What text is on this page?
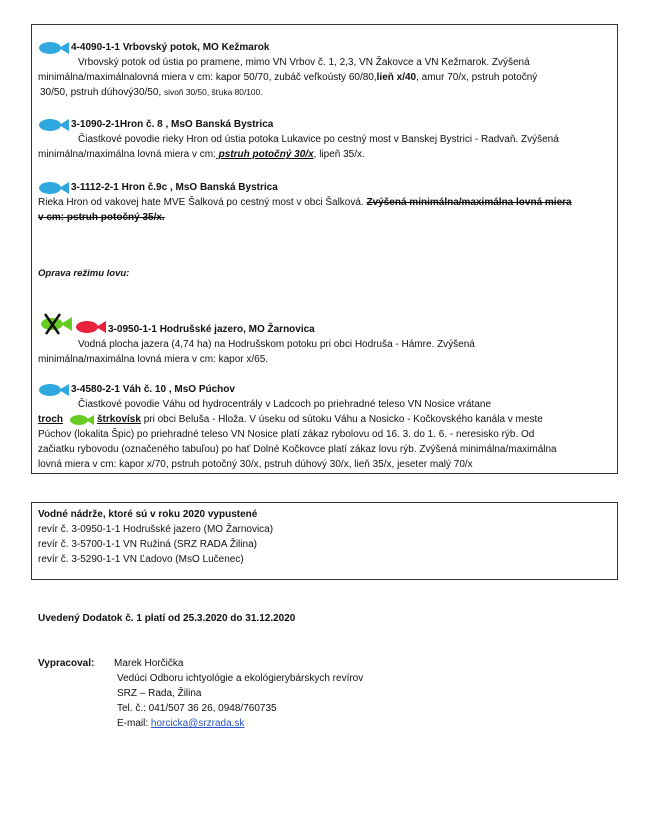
4-4090-1-1 Vrbovský potok, MO Kežmarok

Vrbovský potok od ústia po pramene, mimo VN Vrbov č. 1, 2,3, VN Žakovce a VN Kežmarok. Zvýšená

minimálna/maximálnalovná miera v cm: kapor 50/70, zubáč veľkoústy 60/80,lieň x/40, amur 70/x, pstruh potočný

30/50, pstruh dúhový30/50, sivoň 30/50, šťuka 80/100.

3-1090-2-1Hron č. 8 , MsO Banská Bystrica

Čiastkové povodie rieky Hron od ústia potoka Lukavice po cestný most v Banskej Bystrici - Radvaň. Zvýšená

minimálna/maximálna lovná miera v cm: pstruh potočný 30/x, lipeň 35/x.

3-1112-2-1 Hron č.9c , MsO Banská Bystrica

Rieka Hron od vakovej hate MVE Šalková po cestný most v obci Šalková. Zvýšená minimálna/maximálna lovná miera

v cm: pstruh potočný 35/x.

Oprava režimu lovu:
3-0950-1-1 Hodrušské jazero, MO Žarnovica

Vodná plocha jazera (4,74 ha) na Hodrušskom potoku pri obci Hodruša - Hámre. Zvýšená

minimálna/maximálna lovná miera v cm: kapor x/65.

3-4580-2-1 Váh č. 10 , MsO Púchov

Čiastkové povodie Váhu od hydrocentrály v Ladcoch po priehradné teleso VN Nosice vrátane

troch	štrkovísk pri obci Beluša - Hloža. V úseku od sútoku Váhu a Nosicko - Kočkovského kanála v meste

Púchov (lokalita Špic) po priehradné teleso VN Nosice platí zákaz rybolovu od 16. 3. do 1. 6. - neresisko rýb. Od

začiatku rybovodu (označeného tabuľou) po hať Dolné Kočkovce platí zákaz lovu rýb. Zvýšená minimálna/maximálna

lovná miera v cm: kapor x/70, pstruh potočný 30/x, pstruh dúhový 30/x, lieň 35/x, jeseter malý 70/x

Vodné nádrže, ktoré sú v roku 2020 vypustené
revír č. 3-0950-1-1 Hodrušské jazero (MO Žarnovica)
revír č. 3-5700-1-1 VN Ružiná (SRZ RADA Žilina)
revír č. 3-5290-1-1 VN Ľadovo (MsO Lučenec)
Uvedený Dodatok č. 1 platí od 25.3.2020 do 31.12.2020
Vypracoval: Marek Horčička
Vedúci Odboru ichtyológie a ekológierybárskych revírov
SRZ – Rada, Žilina
Tel. č.: 041/507 36 26, 0948/760735
E-mail: horcicka@srzrada.sk
